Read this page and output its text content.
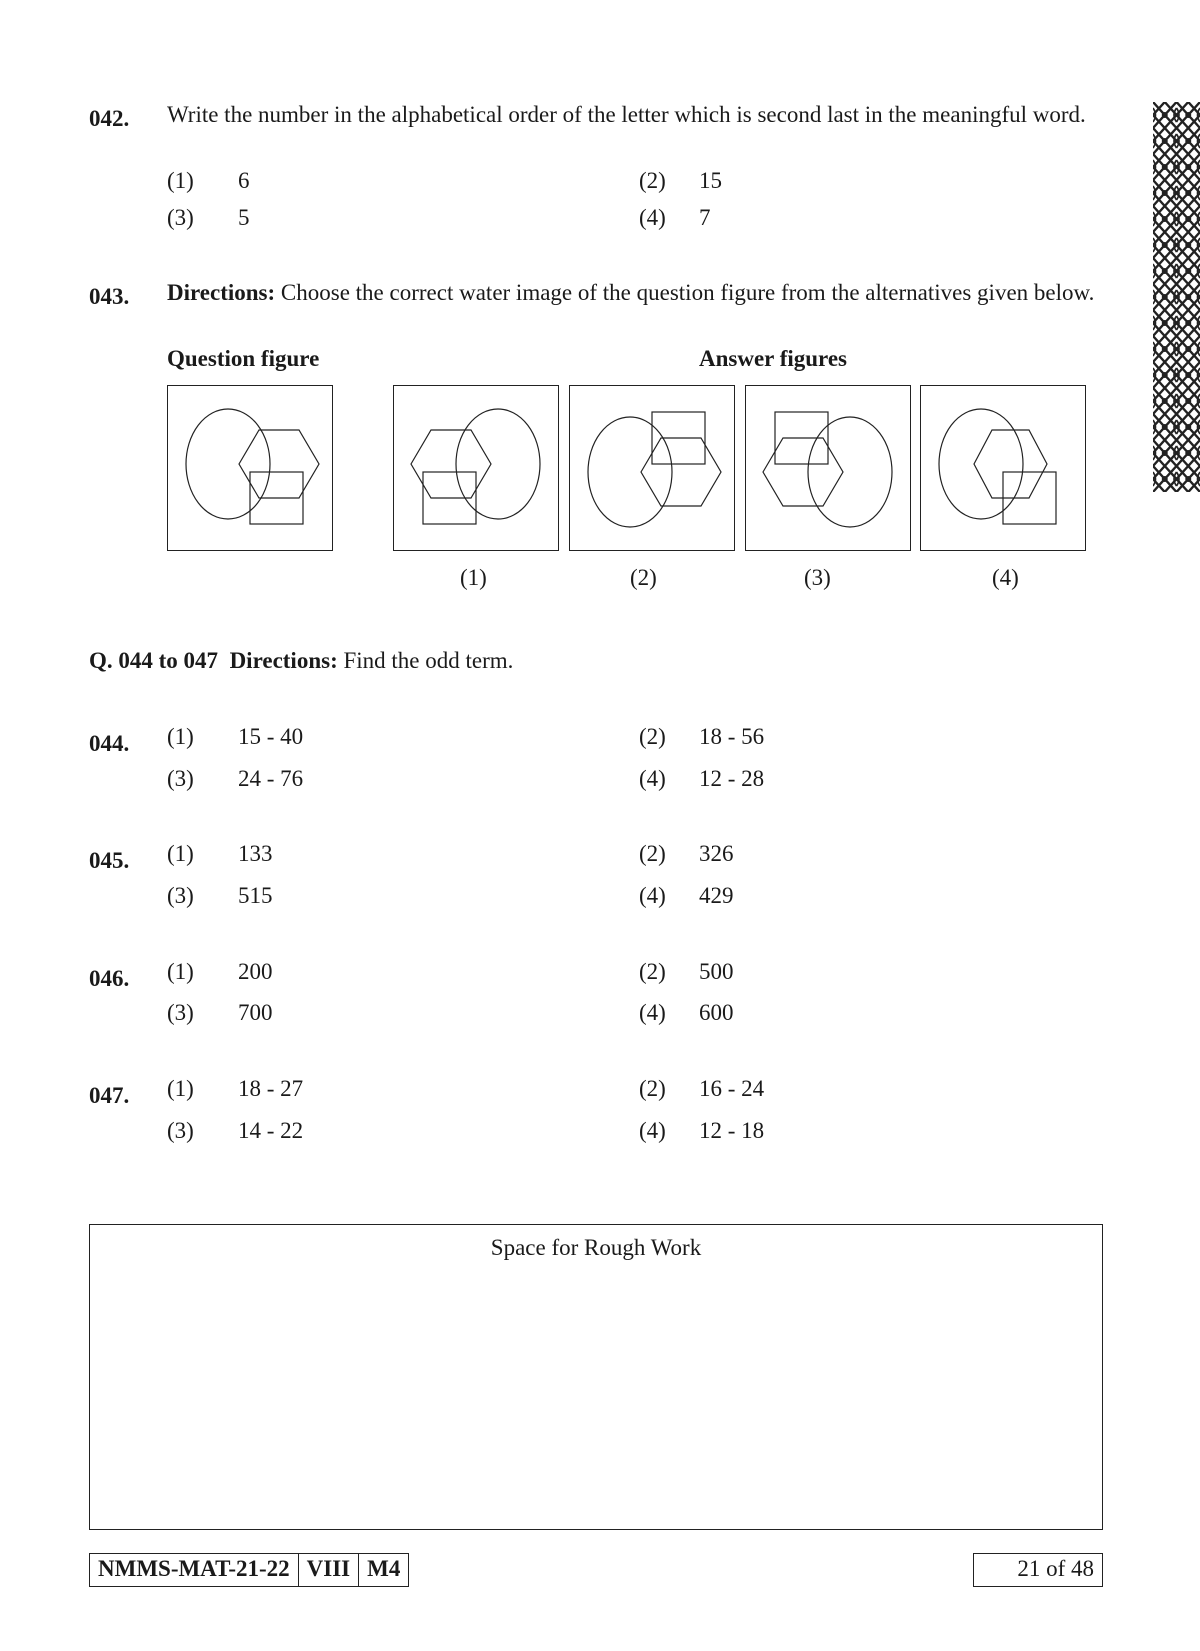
042. Write the number in the alphabetical order of the letter which is second last in the meaningful word.
(1) 6	(2) 15
(3) 5	(4) 7
043. Directions: Choose the correct water image of the question figure from the alternatives given below.
Question figure	Answer figures
(1)	(2)	(3)	(4)
Q. 044 to 047 Directions: Find the odd term.
044. (1) 15 - 40	(2) 18 - 56
(3) 24 - 76	(4) 12 - 28
045. (1) 133	(2) 326
(3) 515	(4) 429
046. (1) 200	(2) 500
(3) 700	(4) 600
047. (1) 18 - 27	(2) 16 - 24
(3) 14 - 22	(4) 12 - 18
Space for Rough Work
NMMS-MAT-21-22 VIII M4	21 of 48
